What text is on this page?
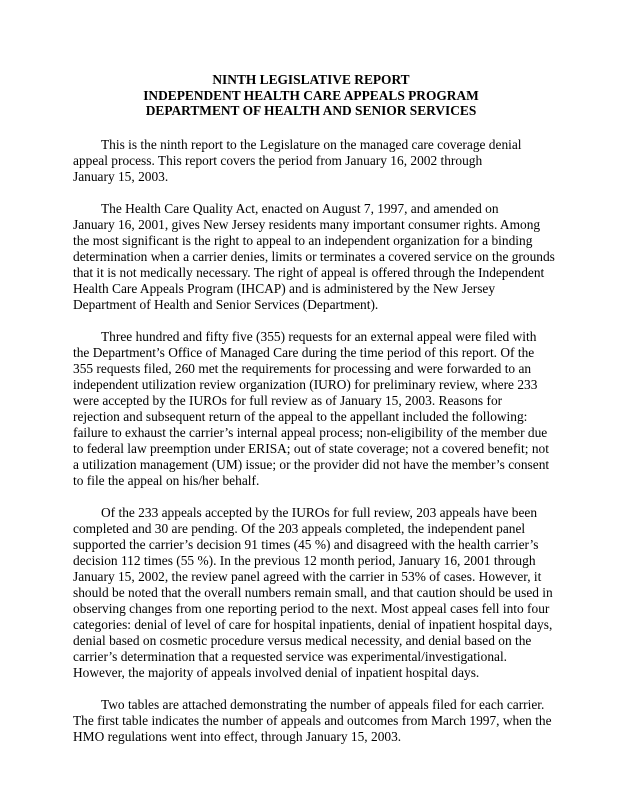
NINTH LEGISLATIVE REPORT
INDEPENDENT HEALTH CARE APPEALS PROGRAM
DEPARTMENT OF HEALTH AND SENIOR SERVICES

This is the ninth report to the Legislature on the managed care coverage denial
appeal process. This report covers the period from January 16, 2002 through
January 15, 2003.

The Health Care Quality Act, enacted on August 7, 1997, and amended on
January 16, 2001, gives New Jersey residents many important consumer rights. Among
the most significant is the right to appeal to an independent organization for a binding
determination when a carrier denies, limits or terminates a covered service on the grounds
that it is not medically necessary. The right of appeal is offered through the Independent
Health Care Appeals Program (IHCAP) and is administered by the New Jersey
Department of Health and Senior Services (Department).

Three hundred and fifty five (355) requests for an external appeal were filed with
the Department’s Office of Managed Care during the time period of this report. Of the
355 requests filed, 260 met the requirements for processing and were forwarded to an
independent utilization review organization (IURO) for preliminary review, where 233
were accepted by the IUROs for full review as of January 15, 2003. Reasons for
rejection and subsequent return of the appeal to the appellant included the following:
failure to exhaust the carrier’s internal appeal process; non-eligibility of the member due
to federal law preemption under ERISA; out of state coverage; not a covered benefit; not
a utilization management (UM) issue; or the provider did not have the member’s consent
to file the appeal on his/her behalf.

Of the 233 appeals accepted by the IUROs for full review, 203 appeals have been
completed and 30 are pending. Of the 203 appeals completed, the independent panel
supported the carrier’s decision 91 times (45 %) and disagreed with the health carrier’s
decision 112 times (55 %). In the previous 12 month period, January 16, 2001 through
January 15, 2002, the review panel agreed with the carrier in 53% of cases. However, it
should be noted that the overall numbers remain small, and that caution should be used in
observing changes from one reporting period to the next. Most appeal cases fell into four
categories: denial of level of care for hospital inpatients, denial of inpatient hospital days,
denial based on cosmetic procedure versus medical necessity, and denial based on the
carrier’s determination that a requested service was experimental/investigational.
However, the majority of appeals involved denial of inpatient hospital days.

Two tables are attached demonstrating the number of appeals filed for each carrier.
The first table indicates the number of appeals and outcomes from March 1997, when the
HMO regulations went into effect, through January 15, 2003.
